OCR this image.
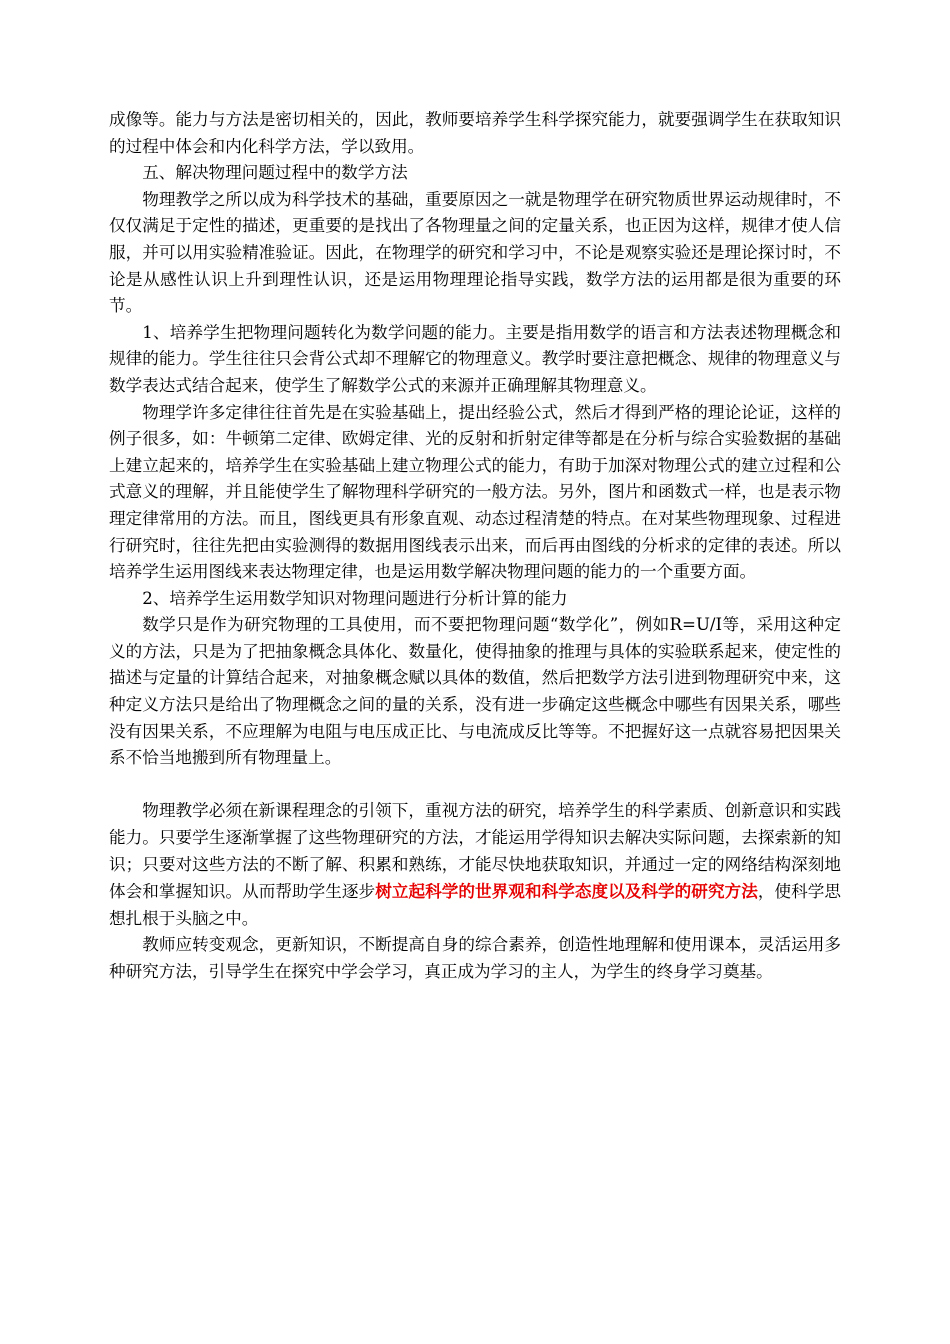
成像等。能力与方法是密切相关的，因此，教师要培养学生科学探究能力，就要强调学生在获取知识的过程中体会和内化科学方法，学以致用。

五、解决物理问题过程中的数学方法

物理教学之所以成为科学技术的基础，重要原因之一就是物理学在研究物质世界运动规律时，不仅仅满足于定性的描述，更重要的是找出了各物理量之间的定量关系，也正因为这样，规律才使人信服，并可以用实验精准验证。因此，在物理学的研究和学习中，不论是观察实验还是理论探讨时，不论是从感性认识上升到理性认识，还是运用物理理论指导实践，数学方法的运用都是很为重要的环节。

1、培养学生把物理问题转化为数学问题的能力。主要是指用数学的语言和方法表述物理概念和规律的能力。学生往往只会背公式却不理解它的物理意义。教学时要注意把概念、规律的物理意义与数学表达式结合起来，使学生了解数学公式的来源并正确理解其物理意义。

物理学许多定律往往首先是在实验基础上，提出经验公式，然后才得到严格的理论论证，这样的例子很多，如：牛顿第二定律、欧姆定律、光的反射和折射定律等都是在分析与综合实验数据的基础上建立起来的，培养学生在实验基础上建立物理公式的能力，有助于加深对物理公式的建立过程和公式意义的理解，并且能使学生了解物理科学研究的一般方法。另外，图片和函数式一样，也是表示物理定律常用的方法。而且，图线更具有形象直观、动态过程清楚的特点。在对某些物理现象、过程进行研究时，往往先把由实验测得的数据用图线表示出来，而后再由图线的分析求的定律的表述。所以培养学生运用图线来表达物理定律，也是运用数学解决物理问题的能力的一个重要方面。

2、培养学生运用数学知识对物理问题进行分析计算的能力

数学只是作为研究物理的工具使用，而不要把物理问题“数学化”，例如R=U/I等，采用这种定义的方法，只是为了把抽象概念具体化、数量化，使得抽象的推理与具体的实验联系起来，使定性的描述与定量的计算结合起来，对抽象概念赋以具体的数值，然后把数学方法引进到物理研究中来，这种定义方法只是给出了物理概念之间的量的关系，没有进一步确定这些概念中哪些有因果关系，哪些没有因果关系，不应理解为电阻与电压成正比、与电流成反比等等。不把握好这一点就容易把因果关系不恰当地搬到所有物理量上。

物理教学必须在新课程理念的引领下，重视方法的研究，培养学生的科学素质、创新意识和实践能力。只要学生逐渐掌握了这些物理研究的方法，才能运用学得知识去解决实际问题，去探索新的知识；只要对这些方法的不断了解、积累和熟练，才能尽快地获取知识，并通过一定的网络结构深刻地体会和掌握知识。从而帮助学生逐步树立起科学的世界观和科学态度以及科学的研究方法，使科学思想扎根于头脑之中。

教师应转变观念，更新知识，不断提高自身的综合素养，创造性地理解和使用课本，灵活运用多种研究方法，引导学生在探究中学会学习，真正成为学习的主人，为学生的终身学习奠基。
